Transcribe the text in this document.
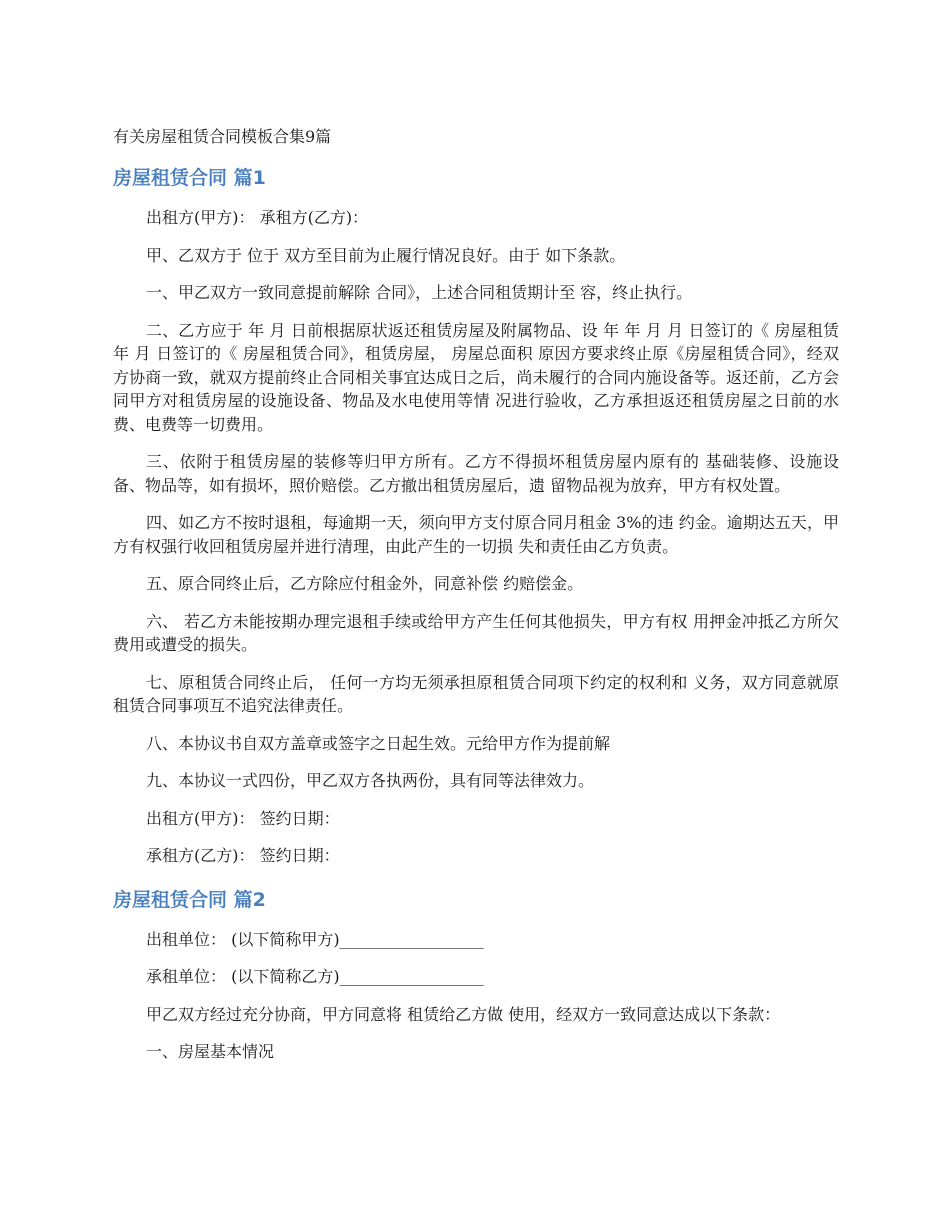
有关房屋租赁合同模板合集9篇
房屋租赁合同 篇1

出租方(甲方)： 承租方(乙方)：

甲、乙双方于 位于 双方至目前为止履行情况良好。由于 如下条款。

一、甲乙双方一致同意提前解除 合同》，上述合同租赁期计至 容，终止执行。

二、乙方应于 年 月 日前根据原状返还租赁房屋及附属物品、设 年 年 月 月 日签订的《 房屋租赁 年 月 日签订的《 房屋租赁合同》，租赁房屋， 房屋总面积 原因方要求终止原《房屋租赁合同》，经双方协商一致，就双方提前终止合同相关事宜达成日之后，尚未履行的合同内施设备等。返还前，乙方会同甲方对租赁房屋的设施设备、物品及水电使用等情 况进行验收，乙方承担返还租赁房屋之日前的水费、电费等一切费用。

三、依附于租赁房屋的装修等归甲方所有。乙方不得损坏租赁房屋内原有的 基础装修、设施设备、物品等，如有损坏，照价赔偿。乙方撤出租赁房屋后，遗 留物品视为放弃，甲方有权处置。

四、如乙方不按时退租，每逾期一天，须向甲方支付原合同月租金 3%的违 约金。逾期达五天，甲方有权强行收回租赁房屋并进行清理，由此产生的一切损 失和责任由乙方负责。

五、原合同终止后，乙方除应付租金外，同意补偿 约赔偿金。

六、 若乙方未能按期办理完退租手续或给甲方产生任何其他损失，甲方有权 用押金冲抵乙方所欠费用或遭受的损失。

七、原租赁合同终止后， 任何一方均无须承担原租赁合同项下约定的权利和 义务，双方同意就原租赁合同事项互不追究法律责任。

八、本协议书自双方盖章或签字之日起生效。元给甲方作为提前解

九、本协议一式四份，甲乙双方各执两份，具有同等法律效力。

出租方(甲方)： 签约日期：

承租方(乙方)： 签约日期：

房屋租赁合同 篇2

出租单位： (以下简称甲方)__________________

承租单位： (以下简称乙方)__________________

甲乙双方经过充分协商，甲方同意将 租赁给乙方做 使用，经双方一致同意达成以下条款：

一、房屋基本情况
